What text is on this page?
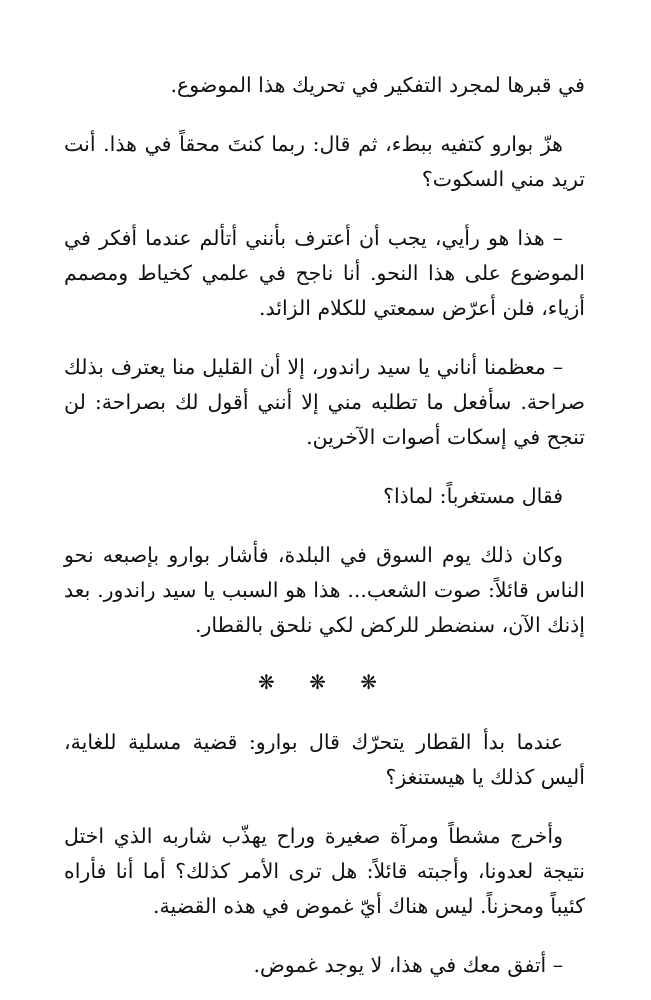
في قبرها لمجرد التفكير في تحريك هذا الموضوع.

هزّ بوارو كتفيه ببطء، ثم قال: ربما كنتَ محقاً في هذا. أنت تريد مني السكوت؟

– هذا هو رأيي، يجب أن أعترف بأنني أتألم عندما أفكر في الموضوع على هذا النحو. أنا ناجح في علمي كخياط ومصمم أزياء، فلن أعرّض سمعتي للكلام الزائد.

– معظمنا أناني يا سيد راندور، إلا أن القليل منا يعترف بذلك صراحة. سأفعل ما تطلبه مني إلا أنني أقول لك بصراحة: لن تنجح في إسكات أصوات الآخرين.

فقال مستغرباً: لماذا؟

وكان ذلك يوم السوق في البلدة، فأشار بوارو بإصبعه نحو الناس قائلاً: صوت الشعب... هذا هو السبب يا سيد راندور. بعد إذنك الآن، سنضطر للركض لكي نلحق بالقطار.

❋ ❋ ❋

عندما بدأ القطار يتحرّك قال بوارو: قضية مسلية للغاية، أليس كذلك يا هيستنغز؟

وأخرج مشطاً ومرآة صغيرة وراح يهذّب شاربه الذي اختل نتيجة لعدونا، وأجبته قائلاً: هل ترى الأمر كذلك؟ أما أنا فأراه كئيباً ومحزناً. ليس هناك أيّ غموض في هذه القضية.

– أتفق معك في هذا، لا يوجد غموض.
